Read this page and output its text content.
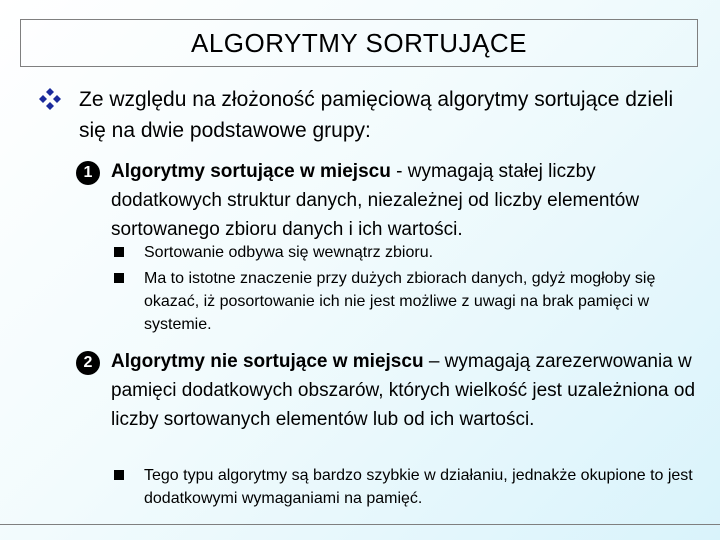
ALGORYTMY SORTUJĄCE
Ze względu na złożoność pamięciową algorytmy sortujące dzieli się na dwie podstawowe grupy:
1 Algorytmy sortujące w miejscu - wymagają stałej liczby dodatkowych struktur danych, niezależnej od liczby elementów sortowanego zbioru danych i ich wartości.
Sortowanie odbywa się wewnątrz zbioru.
Ma to istotne znaczenie przy dużych zbiorach danych, gdyż mogłoby się okazać, iż posortowanie ich nie jest możliwe z uwagi na brak pamięci w systemie.
2 Algorytmy nie sortujące w miejscu – wymagają zarezerwowania w pamięci dodatkowych obszarów, których wielkość jest uzależniona od liczby sortowanych elementów lub od ich wartości.
Tego typu algorytmy są bardzo szybkie w działaniu, jednakże okupione to jest dodatkowymi wymaganiami na pamięć.
